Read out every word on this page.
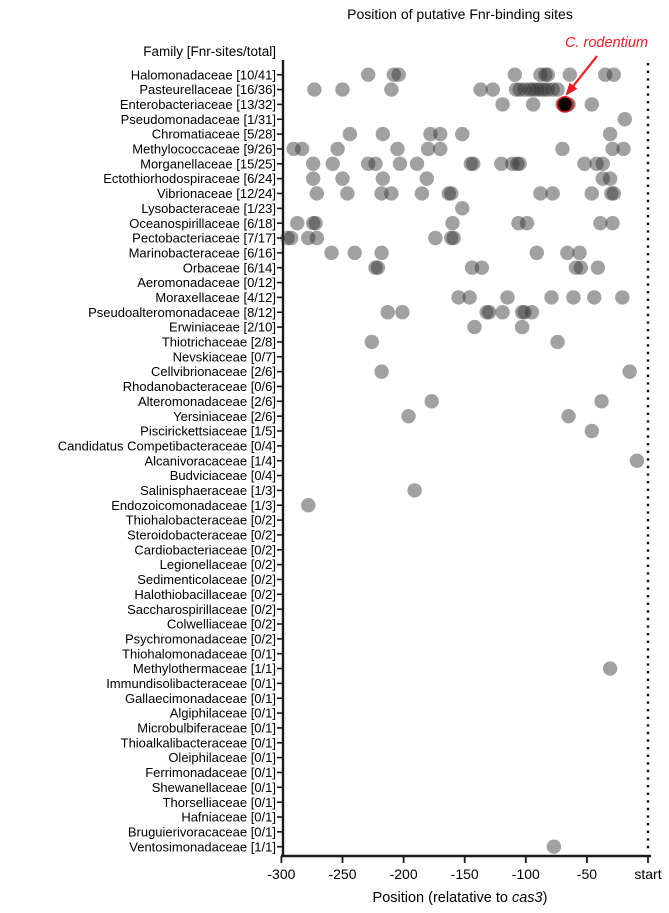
Position of putative Fnr-binding sites
Family [Fnr-sites/total]
C. rodentium
Halomonadaceae [10/41]
Pasteurellaceae [16/36]
Enterobacteriaceae [13/32]
Pseudomonadaceae [1/31]
Chromatiaceae [5/28]
Methylococcaceae [9/26]
Morganellaceae [15/25]
Ectothiorhodospiraceae [6/24]
Vibrionaceae [12/24]
Lysobacteraceae [1/23]
Oceanospirillaceae [6/18]
Pectobacteriaceae [7/17]
Marinobacteraceae [6/16]
Orbaceae [6/14]
Aeromonadaceae [0/12]
Moraxellaceae [4/12]
Pseudoalteromonadaceae [8/12]
Erwiniaceae [2/10]
Thiotrichaceae [2/8]
Nevskiaceae [0/7]
Cellvibrionaceae [2/6]
Rhodanobacteraceae [0/6]
Alteromonadaceae [2/6]
Yersiniaceae [2/6]
Piscirickettsiaceae [1/5]
Candidatus Competibacteraceae [0/4]
Alcanivoracaceae [1/4]
Budviciaceae [0/4]
Salinisphaeraceae [1/3]
Endozoicomonadaceae [1/3]
Thiohalobacteraceae [0/2]
Steroidobacteraceae [0/2]
Cardiobacteriaceae [0/2]
Legionellaceae [0/2]
Sedimenticolaceae [0/2]
Halothiobacillaceae [0/2]
Saccharospirillaceae [0/2]
Colwelliaceae [0/2]
Psychromonadaceae [0/2]
Thiohalomonadaceae [0/1]
Methylothermaceae [1/1]
Immundisolibacteraceae [0/1]
Gallaecimonadaceae [0/1]
Algiphilaceae [0/1]
Microbulbiferaceae [0/1]
Thioalkalibacteraceae [0/1]
Oleiphilaceae [0/1]
Ferrimonadaceae [0/1]
Shewanellaceae [0/1]
Thorselliaceae [0/1]
Hafniaceae [0/1]
Bruguierivoracaceae [0/1]
Ventosimonadaceae [1/1]
-300 -250 -200 -150 -100	-50	start
Position (relatative to cas3)
